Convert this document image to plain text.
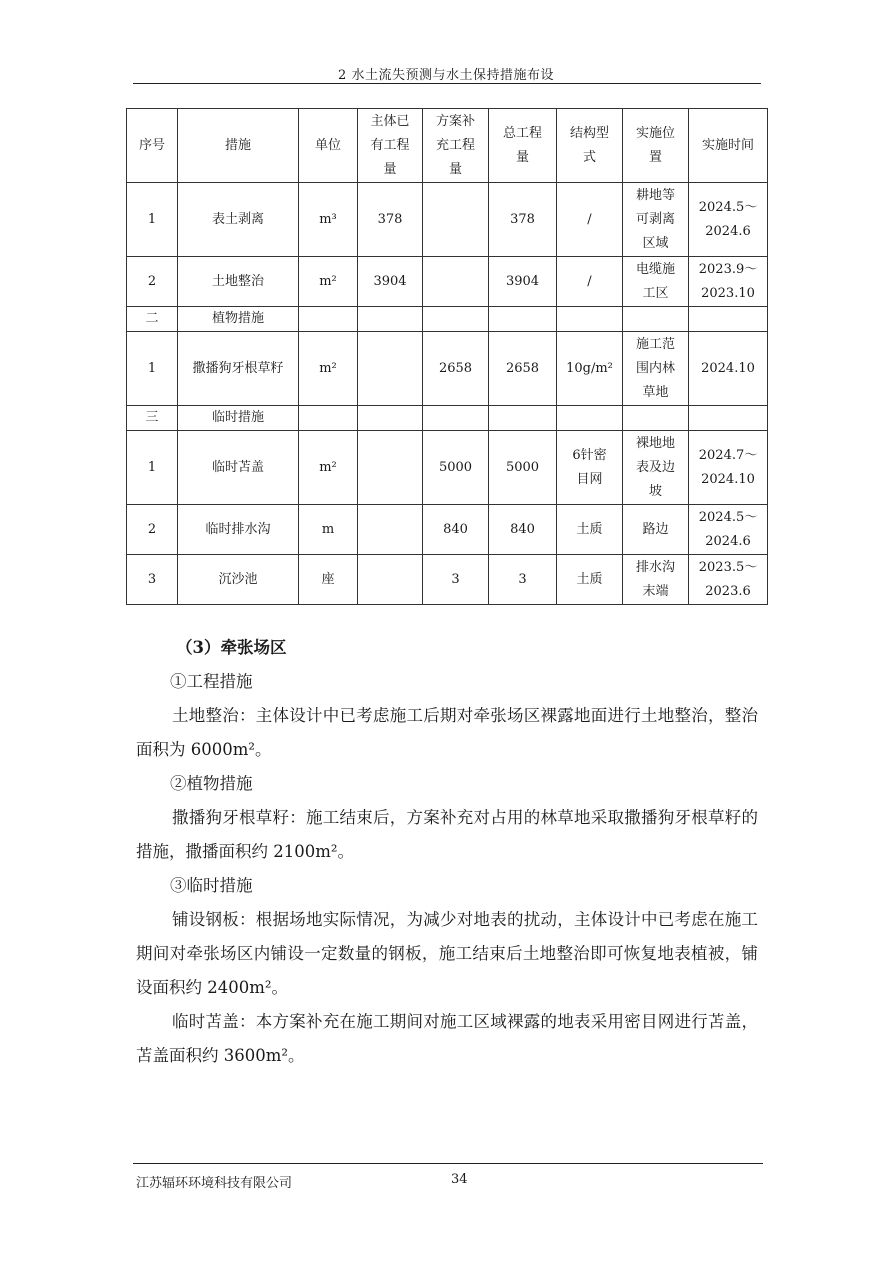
2 水土流失预测与水土保持措施布设
序号	措施	单位	主体已有工程量	方案补充工程量	总工程量	结构型式	实施位置	实施时间
1	表土剥离	m³	378		378	/	耕地等可剥离区域	2024.5～2024.6

2	土地整治	m²	3904		3904	/	电缆施工区	2023.9～2023.10

二	植物措施							
1	撒播狗牙根草籽	m²		2658	2658	10g/m²	施工范围内林草地	2024.10
三	临时措施							
1	临时苫盖	m²		5000	5000	6针密目网	裸地地表及边坡	2024.7～2024.10

2	临时排水沟	m		840	840	土质	路边	2024.5～2024.6

3	沉沙池	座		3	3	土质	排水沟末端	2023.5～2023.6

（3）牵张场区

①工程措施

土地整治：主体设计中已考虑施工后期对牵张场区裸露地面进行土地整治，整治面积为 6000m²。

②植物措施

撒播狗牙根草籽：施工结束后，方案补充对占用的林草地采取撒播狗牙根草籽的措施，撒播面积约 2100m²。

③临时措施

铺设钢板：根据场地实际情况，为减少对地表的扰动，主体设计中已考虑在施工期间对牵张场区内铺设一定数量的钢板，施工结束后土地整治即可恢复地表植被，铺设面积约 2400m²。

临时苫盖：本方案补充在施工期间对施工区域裸露的地表采用密目网进行苫盖，苫盖面积约 3600m²。

江苏辐环环境科技有限公司	34
